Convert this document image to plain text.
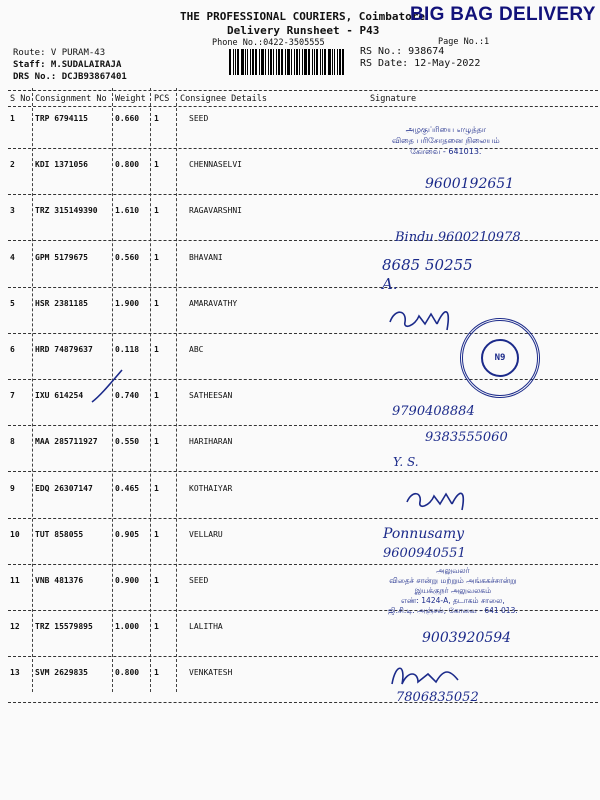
THE PROFESSIONAL COURIERS, Coimbatore
BIG BAG DELIVERY
Delivery Runsheet - P43
Phone No.:0422-3505555	Page No.:1
Route: V PURAM-43
Staff: M.SUDALAIRAJA
DRS No.: DCJB93867401
RS No.: 938674
RS Date: 12-May-2022
S No Consignment No Weight PCS Consignee Details	Signature
1	TRP 6794115	0.660 1	SEED
2	KDI 1371056	0.800 1	CHENNASELVI
3	TRZ 315149390 1.610 1	RAGAVARSHNI
4	GPM 5179675	0.560 1	BHAVANI
5	HSR 2381185	1.900 1	AMARAVATHY
6	HRD 74879637	0.118 1	ABC
7	IXU 614254	0.740 1	SATHEESAN
8	MAA 285711927 0.550 1	HARIHARAN
9	EDQ 26307147	0.465 1	KOTHAIYAR
10 TUT 858055	0.905 1	VELLARU
11 VNB 481376	0.900 1	SEED
12 TRZ 15579895	1.000 1	LALITHA
13 SVM 2629835	0.800 1	VENKATESH
அழகுப்ரியை எழுத்தா
விதை பரிசோதனை நிலையம்
கோவை - 641013.
9600192651
Bindu 9600210978
8685 50255
A.
N9
9790408884
9383555060
Y. S.
Ponnusamy
9600940551
அலுவலர்
விதைச் சான்று மற்றும் அங்ககச்சான்று
இயக்குநர் அலுவலகம்
எண்: 1424-A, தடாகம் சாலை,
ஜி.சி.டி. அஞ்சல், கோவை - 641 013.
9003920594
7806835052
